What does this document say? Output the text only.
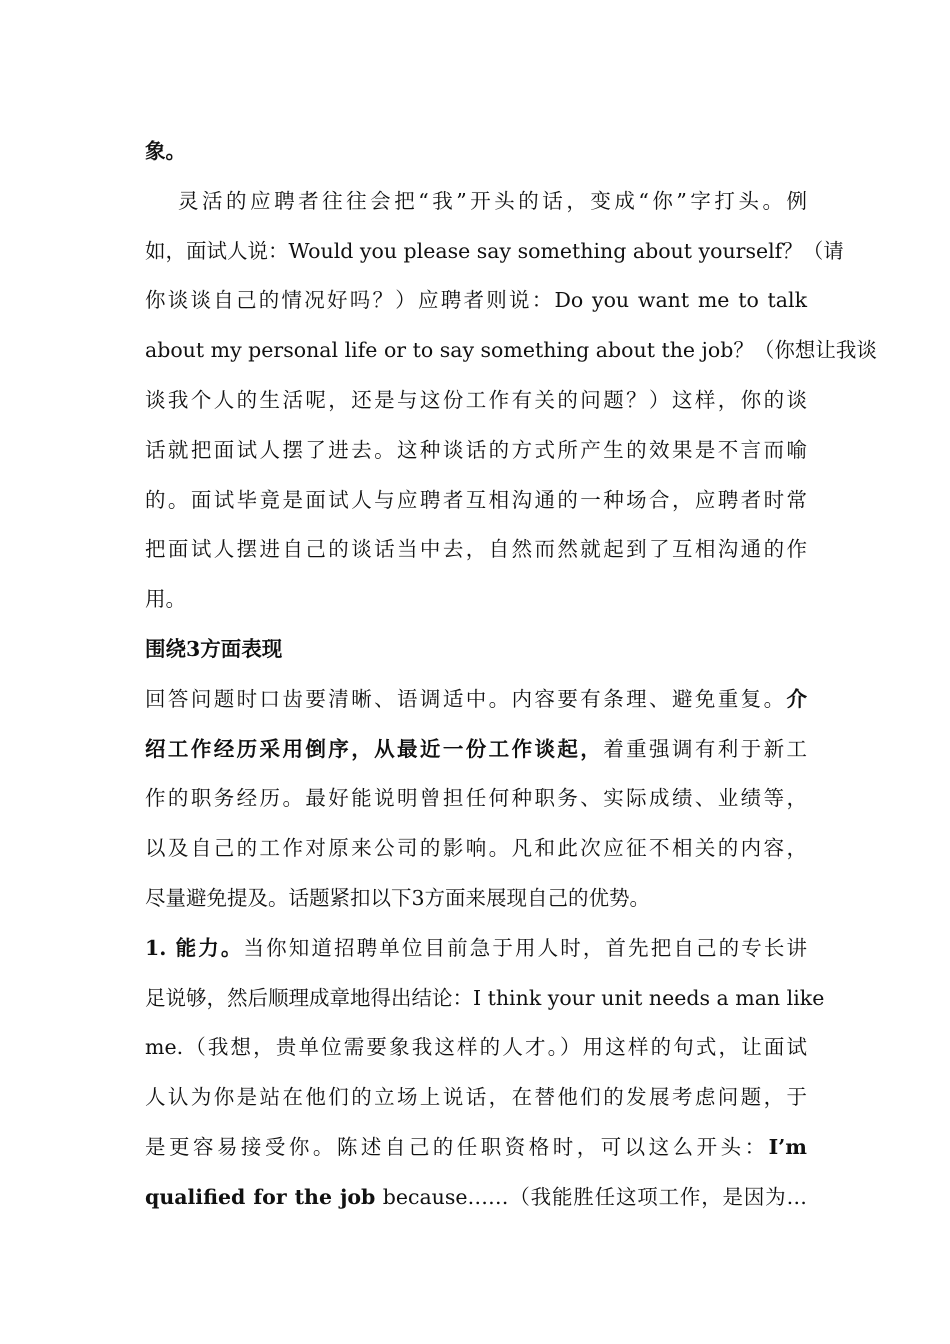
象。
灵活的应聘者往往会把“我”开头的话，变成“你”字打头。例
如，面试人说：Would you please say something about yourself？（请
你谈谈自己的情况好吗？）应聘者则说：Do you want me to talk
about my personal life or to say something about the job？（你想让我谈
谈我个人的生活呢，还是与这份工作有关的问题？）这样，你的谈
话就把面试人摆了进去。这种谈话的方式所产生的效果是不言而喻
的。面试毕竟是面试人与应聘者互相沟通的一种场合，应聘者时常
把面试人摆进自己的谈话当中去，自然而然就起到了互相沟通的作
用。
围绕3方面表现
回答问题时口齿要清晰、语调适中。内容要有条理、避免重复。介
绍工作经历采用倒序，从最近一份工作谈起，着重强调有利于新工
作的职务经历。最好能说明曾担任何种职务、实际成绩、业绩等，
以及自己的工作对原来公司的影响。凡和此次应征不相关的内容，
尽量避免提及。话题紧扣以下3方面来展现自己的优势。
1. 能力。当你知道招聘单位目前急于用人时，首先把自己的专长讲
足说够，然后顺理成章地得出结论：I think your unit needs a man like
me.（我想，贵单位需要象我这样的人才。）用这样的句式，让面试
人认为你是站在他们的立场上说话，在替他们的发展考虑问题，于
是更容易接受你。陈述自己的任职资格时，可以这么开头：I’m
qualified for the job because……（我能胜任这项工作，是因为…
